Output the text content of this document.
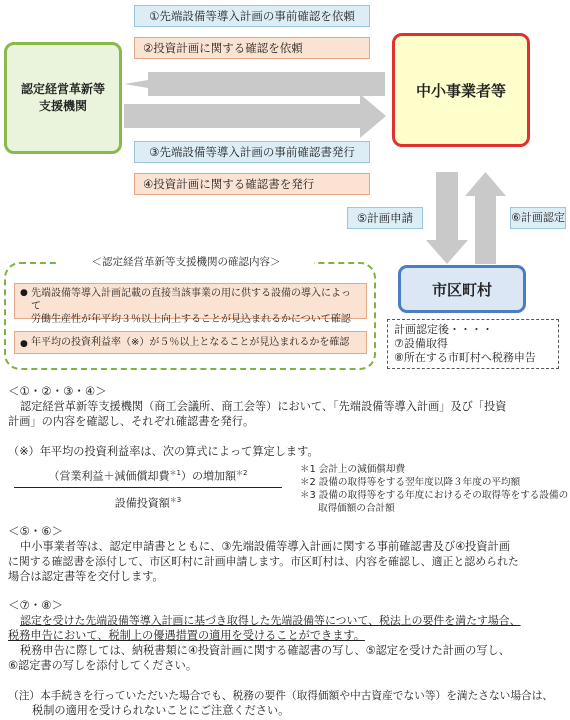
①先端設備等導入計画の事前確認を依頼
②投資計画に関する確認を依頼
③先端設備等導入計画の事前確認書発行
④投資計画に関する確認書を発行
⑤計画申請	⑥計画認定
認定経営革新等
支援機関
中小事業者等
市区町村
＜認定経営革新等支援機関の確認内容＞
● 先端設備等導入計画記載の直接当該事業の用に供する設備の導入によって
労働生産性が年平均３％以上向上することが見込まれるかについて確認
● 年平均の投資利益率（※）が５％以上となることが見込まれるかを確認
計画認定後・・・・
⑦設備取得
⑧所在する市町村へ税務申告
＜①・②・③・④＞
認定経営革新等支援機関（商工会議所、商工会等）において、「先端設備等導入計画」及び「投資
計画」の内容を確認し、それぞれ確認書を発行。
（※）年平均の投資利益率は、次の算式によって算定します。
（営業利益＋減価償却費$^{*1}$）の増加額$^{*2}$
設備投資額$^{*3}$
＊1 会計上の減価償却費
＊2 設備の取得等をする翌年度以降３年度の平均額
＊3 設備の取得等をする年度におけるその取得等をする設備の
取得価額の合計額
＜⑤・⑥＞
中小事業者等は、認定申請書とともに、③先端設備等導入計画に関する事前確認書及び④投資計画
に関する確認書を添付して、市区町村に計画申請します。市区町村は、内容を確認し、適正と認められた
場合は認定書等を交付します。
＜⑦・⑧＞
認定を受けた先端設備等導入計画に基づき取得した先端設備等について、税法上の要件を満たす場合、
税務申告において、税制上の優遇措置の適用を受けることができます。
税務申告に際しては、納税書類に④投資計画に関する確認書の写し、⑤認定を受けた計画の写し、
⑥認定書の写しを添付してください。
（注）本手続きを行っていただいた場合でも、税務の要件（取得価額や中古資産でない等）を満たさない場合は、
税制の適用を受けられないことにご注意ください。
